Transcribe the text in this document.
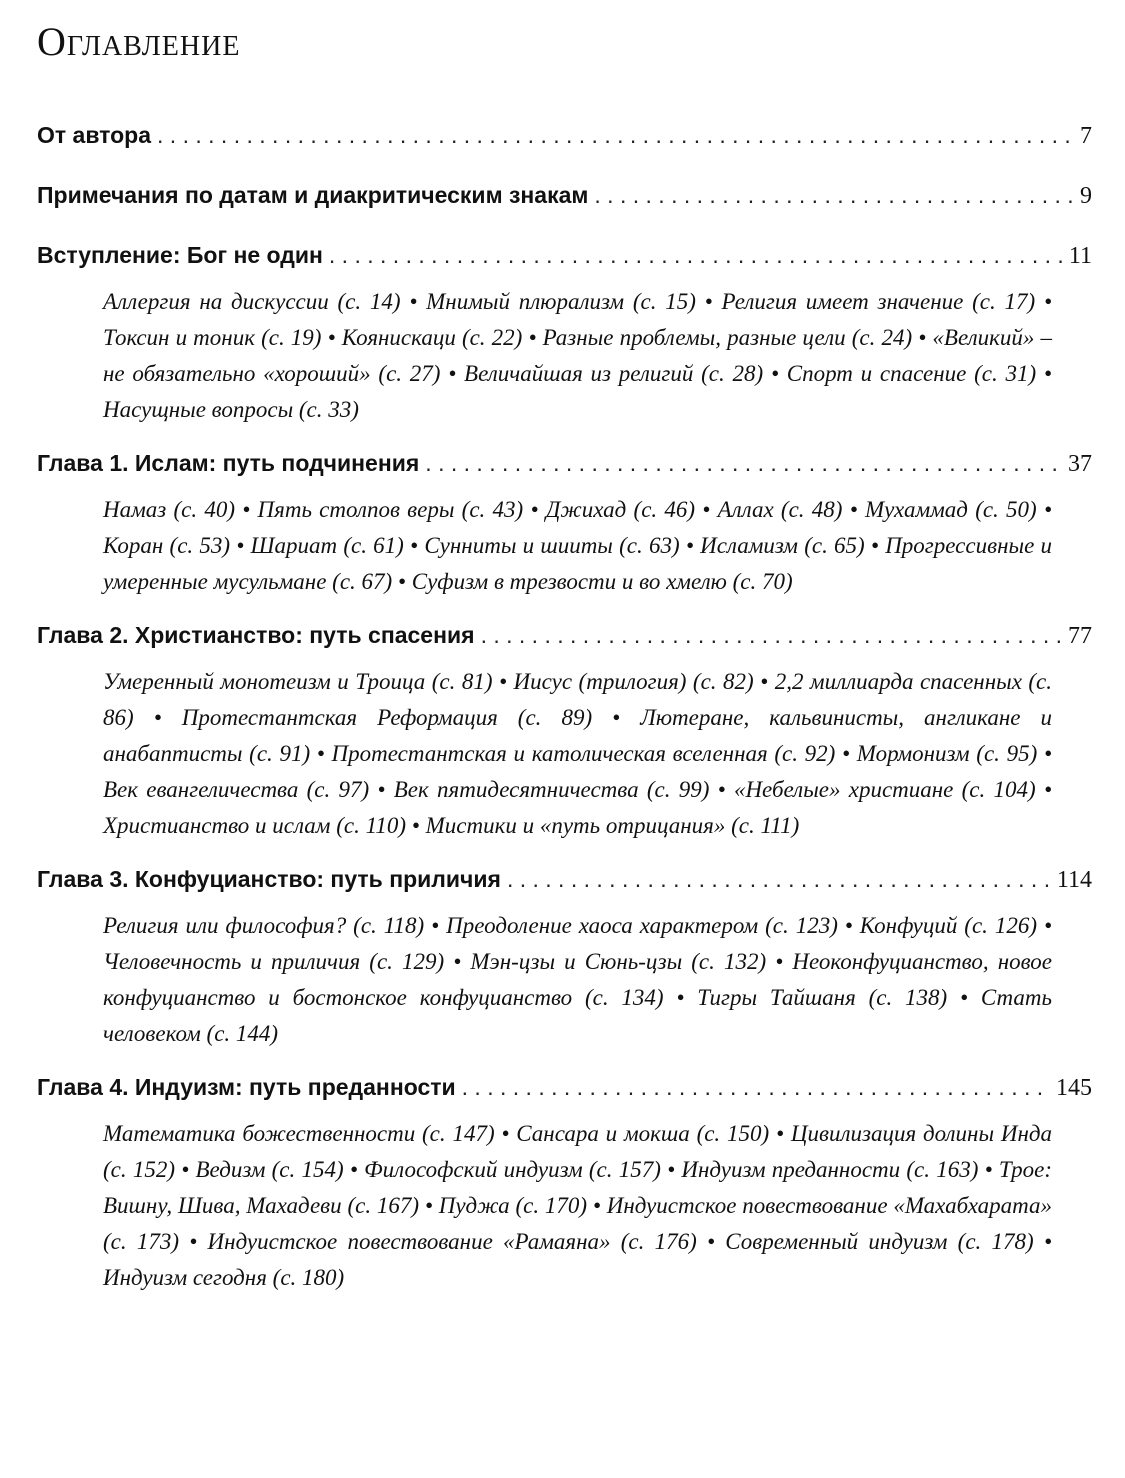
Оглавление
От автора . . .	7
Примечания по датам и диакритическим знакам . . .	9
Вступление: Бог не один . . .	11
Аллергия на дискуссии (с. 14) • Мнимый плюрализм (с. 15) • Религия имеет значение (с. 17) • Токсин и тоник (с. 19) • Коянискаци (с. 22) • Разные проблемы, разные цели (с. 24) • «Великий» – не обязательно «хороший» (с. 27) • Величайшая из религий (с. 28) • Спорт и спасение (с. 31) • Насущные вопросы (с. 33)
Глава 1. Ислам: путь подчинения . . .	37
Намаз (с. 40) • Пять столпов веры (с. 43) • Джихад (с. 46) • Аллах (с. 48) • Мухаммад (с. 50) • Коран (с. 53) • Шариат (с. 61) • Сунниты и шииты (с. 63) • Исламизм (с. 65) • Прогрессивные и умеренные мусульмане (с. 67) • Суфизм в трезвости и во хмелю (с. 70)
Глава 2. Христианство: путь спасения . . .	77
Умеренный монотеизм и Троица (с. 81) • Иисус (трилогия) (с. 82) • 2,2 миллиарда спасенных (с. 86) • Протестантская Реформация (с. 89) • Лютеране, кальвинисты, англикане и анабаптисты (с. 91) • Протестантская и католическая вселенная (с. 92) • Мормонизм (с. 95) • Век евангеличества (с. 97) • Век пятидесятничества (с. 99) • «Небелые» христиане (с. 104) • Христианство и ислам (с. 110) • Мистики и «путь отрицания» (с. 111)
Глава 3. Конфуцианство: путь приличия . . .	114
Религия или философия? (с. 118) • Преодоление хаоса характером (с. 123) • Конфуций (с. 126) • Человечность и приличия (с. 129) • Мэн-цзы и Сюнь-цзы (с. 132) • Неоконфуцианство, новое конфуцианство и бостонское конфуцианство (с. 134) • Тигры Тайшаня (с. 138) • Стать человеком (с. 144)
Глава 4. Индуизм: путь преданности . . .	145
Математика божественности (с. 147) • Сансара и мокша (с. 150) • Цивилизация долины Инда (с. 152) • Ведизм (с. 154) • Философский индуизм (с. 157) • Индуизм преданности (с. 163) • Трое: Вишну, Шива, Махадеви (с. 167) • Пуджа (с. 170) • Индуистское повествование «Махабхарата» (с. 173) • Индуистское повествование «Рамаяна» (с. 176) • Современный индуизм (с. 178) • Индуизм сегодня (с. 180)
